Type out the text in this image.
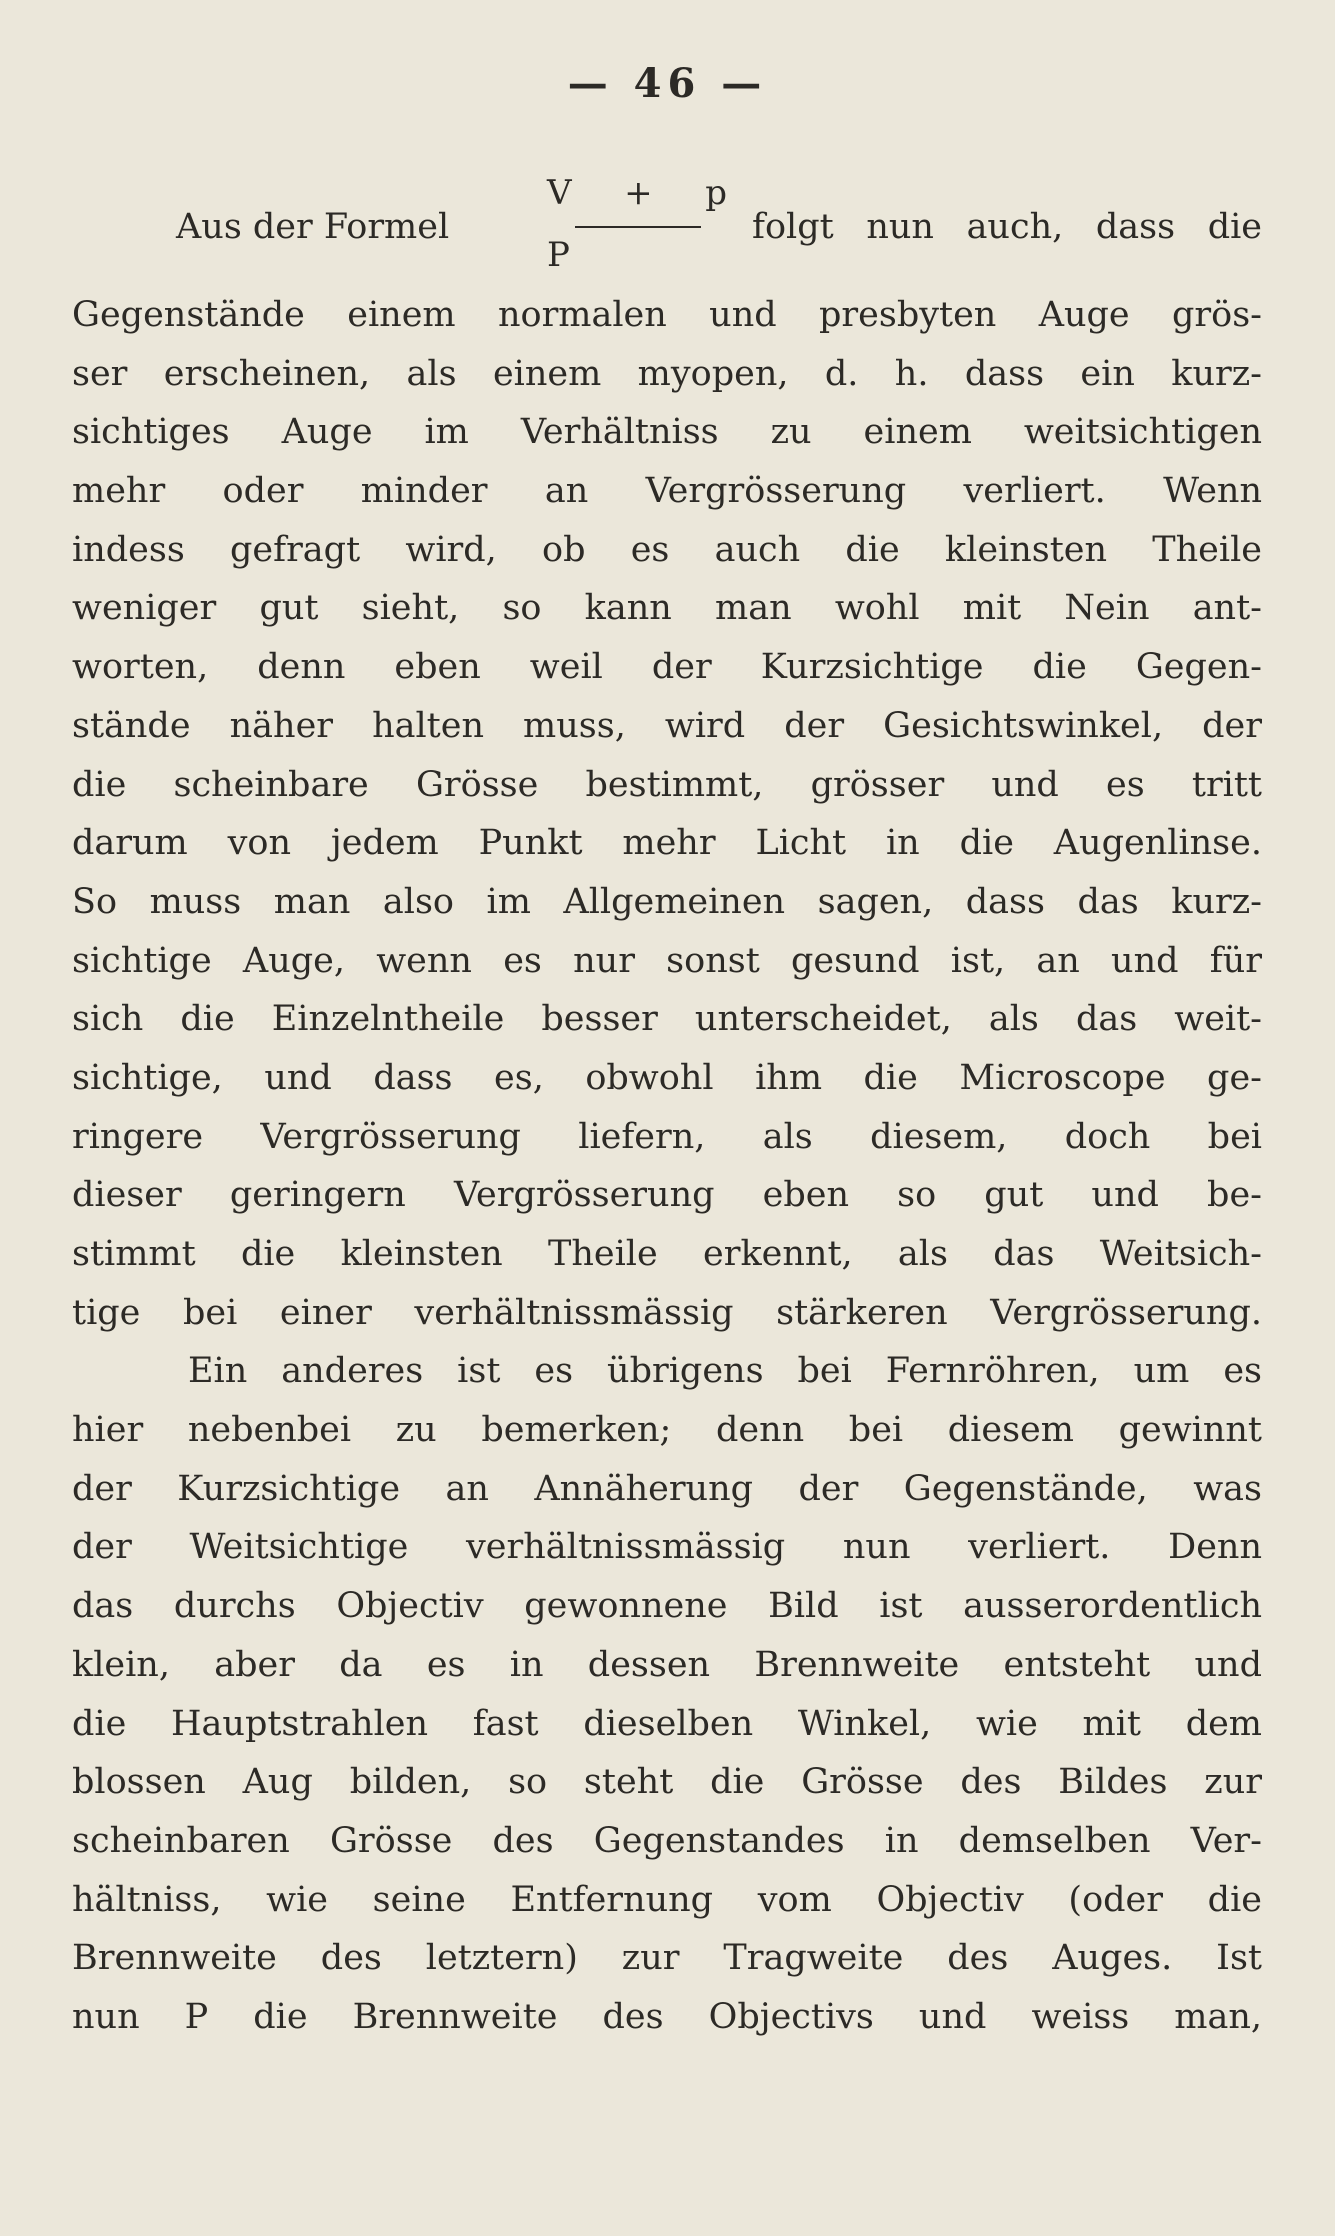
— 46 —
Aus der Formel
V + p
P
folgt nun auch, dass die
Gegenstände einem normalen und presbyten Auge grös-
ser erscheinen, als einem myopen, d. h. dass ein kurz-
sichtiges Auge im Verhältniss zu einem weitsichtigen
mehr oder minder an Vergrösserung verliert. Wenn
indess gefragt wird, ob es auch die kleinsten Theile
weniger gut sieht, so kann man wohl mit Nein ant-
worten, denn eben weil der Kurzsichtige die Gegen-
stände näher halten muss, wird der Gesichtswinkel, der
die scheinbare Grösse bestimmt, grösser und es tritt
darum von jedem Punkt mehr Licht in die Augenlinse.
So muss man also im Allgemeinen sagen, dass das kurz-
sichtige Auge, wenn es nur sonst gesund ist, an und für
sich die Einzelntheile besser unterscheidet, als das weit-
sichtige, und dass es, obwohl ihm die Microscope ge-
ringere Vergrösserung liefern, als diesem, doch bei
dieser geringern Vergrösserung eben so gut und be-
stimmt die kleinsten Theile erkennt, als das Weitsich-
tige bei einer verhältnissmässig stärkeren Vergrösserung.
Ein anderes ist es übrigens bei Fernröhren, um es
hier nebenbei zu bemerken; denn bei diesem gewinnt
der Kurzsichtige an Annäherung der Gegenstände, was
der Weitsichtige verhältnissmässig nun verliert. Denn
das durchs Objectiv gewonnene Bild ist ausserordentlich
klein, aber da es in dessen Brennweite entsteht und
die Hauptstrahlen fast dieselben Winkel, wie mit dem
blossen Aug bilden, so steht die Grösse des Bildes zur
scheinbaren Grösse des Gegenstandes in demselben Ver-
hältniss, wie seine Entfernung vom Objectiv (oder die
Brennweite des letztern) zur Tragweite des Auges. Ist
nun P die Brennweite des Objectivs und weiss man,
